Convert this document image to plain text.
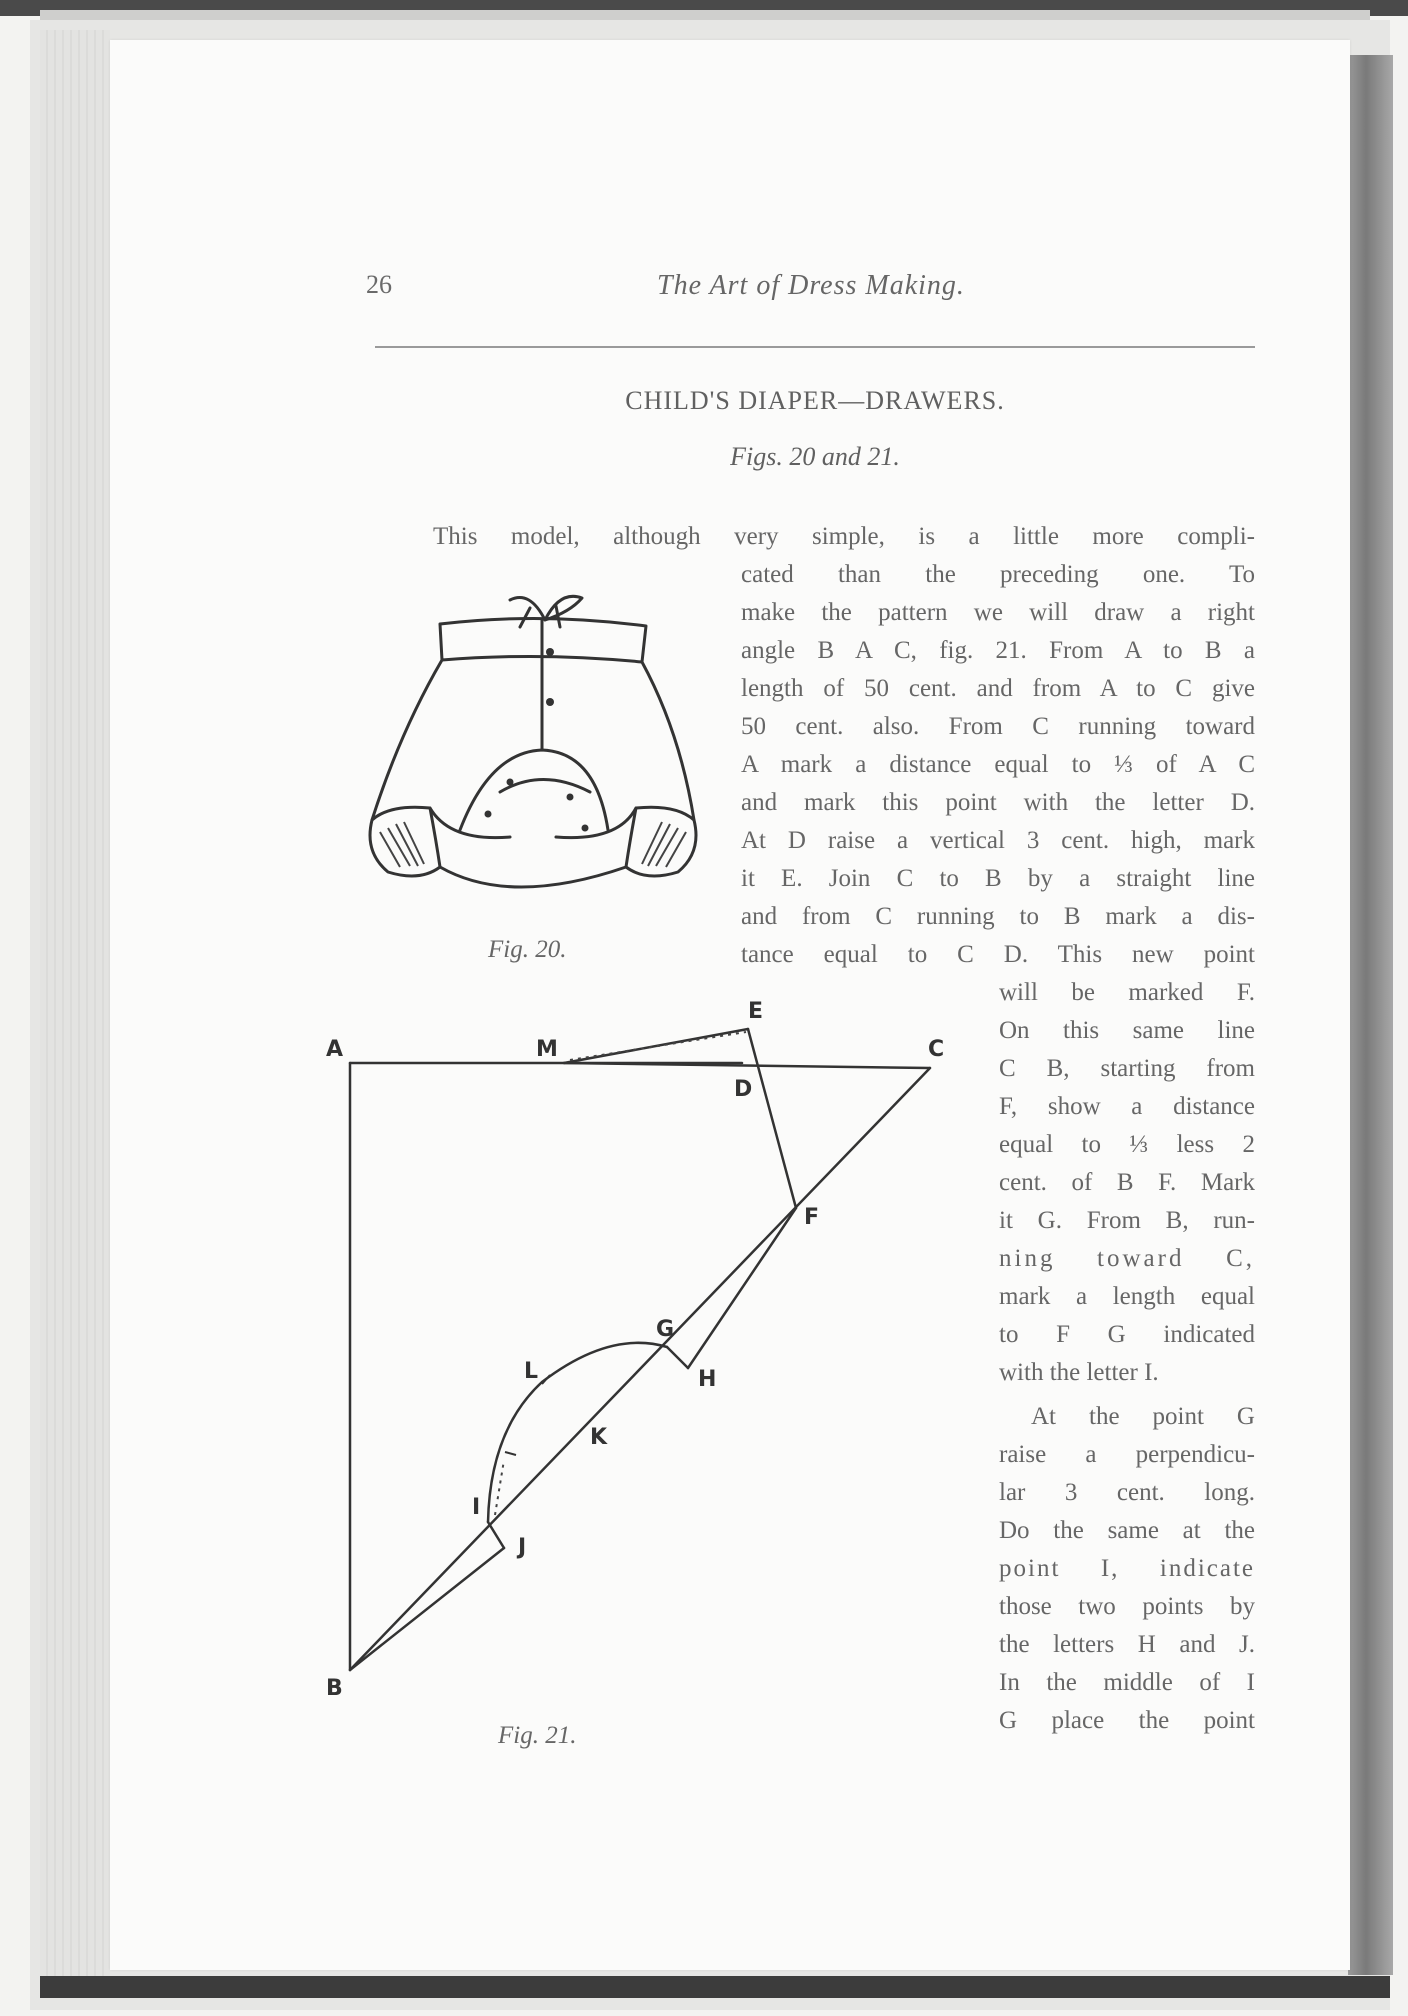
26	The Art of Dress Making.
CHILD'S DIAPER—DRAWERS.
Figs. 20 and 21.
This model, although very simple, is a little more compli-
cated than the preceding one. To
make the pattern we will draw a right
angle B A C, fig. 21. From A to B a
length of 50 cent. and from A to C give
50 cent. also. From C running toward
A mark a distance equal to ⅓ of A C
and mark this point with the letter D.
At D raise a vertical 3 cent. high, mark
it E. Join C to B by a straight line
and from C running to B mark a dis-
tance equal to C D. This new point
will be marked F.
On this same line
C B, starting from
F, show a distance
equal to ⅓ less 2
cent. of B F. Mark
it G. From B, run-
ning toward C,
mark a length equal
to F G indicated
with the letter I.
At the point G
raise a perpendicu-
lar 3 cent. long.
Do the same at the
point I, indicate
those two points by
the letters H and J.
In the middle of I
G place the point
Fig. 20.
A
B
C
D
E
F
G
H
I
J
K
L
M
Fig. 21.
